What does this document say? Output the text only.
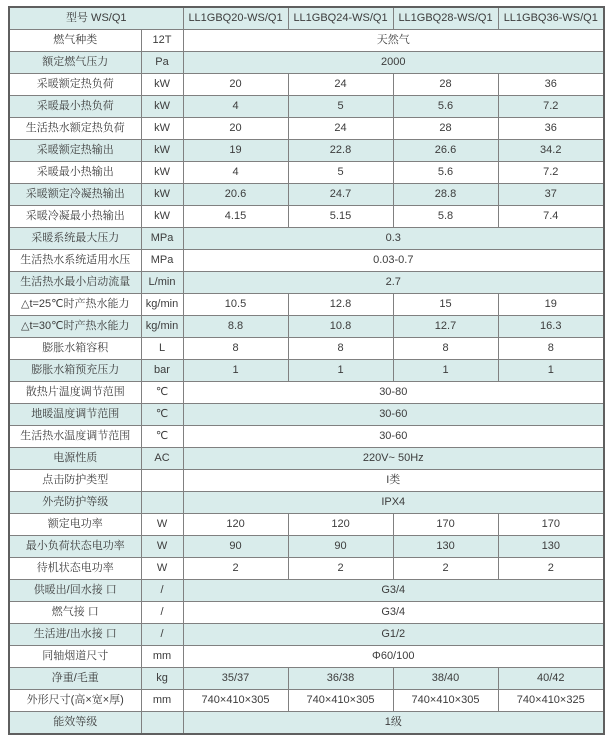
型号 WS/Q1		LL1GBQ20-WS/Q1	LL1GBQ24-WS/Q1	LL1GBQ28-WS/Q1	LL1GBQ36-WS/Q1
燃气种类	12T	天然气			
额定燃气压力	Pa	2000			
采暖额定热负荷	kW	20	24	28	36
采暖最小热负荷	kW	4	5	5.6	7.2
生活热水额定热负荷	kW	20	24	28	36
采暖额定热输出	kW	19	22.8	26.6	34.2
采暖最小热输出	kW	4	5	5.6	7.2
采暖额定冷凝热输出	kW	20.6	24.7	28.8	37
采暖冷凝最小热输出	kW	4.15	5.15	5.8	7.4
采暖系统最大压力	MPa	0.3			
生活热水系统适用水压	MPa	0.03-0.7			
生活热水最小启动流量	L/min	2.7			
△t=25℃时产热水能力	kg/min	10.5	12.8	15	19
△t=30℃时产热水能力	kg/min	8.8	10.8	12.7	16.3
膨胀水箱容积	L	8	8	8	8
膨胀水箱预充压力	bar	1	1	1	1
散热片温度调节范围	℃	30-80			
地暖温度调节范围	℃	30-60			
生活热水温度调节范围	℃	30-60			
电源性质	AC	220V~ 50Hz			
点击防护类型		I类			
外壳防护等级		IPX4			
额定电功率	W	120	120	170	170
最小负荷状态电功率	W	90	90	130	130
待机状态电功率	W	2	2	2	2
供暖出/回水接 口	/	G3/4			
燃气接 口	/	G3/4			
生活进/出水接 口	/	G1/2			
同轴烟道尺寸	mm	Φ60/100			
净重/毛重	kg	35/37	36/38	38/40	40/42
外形尺寸(高×宽×厚)	mm	740×410×305	740×410×305	740×410×305	740×410×325
能效等级		1级			
